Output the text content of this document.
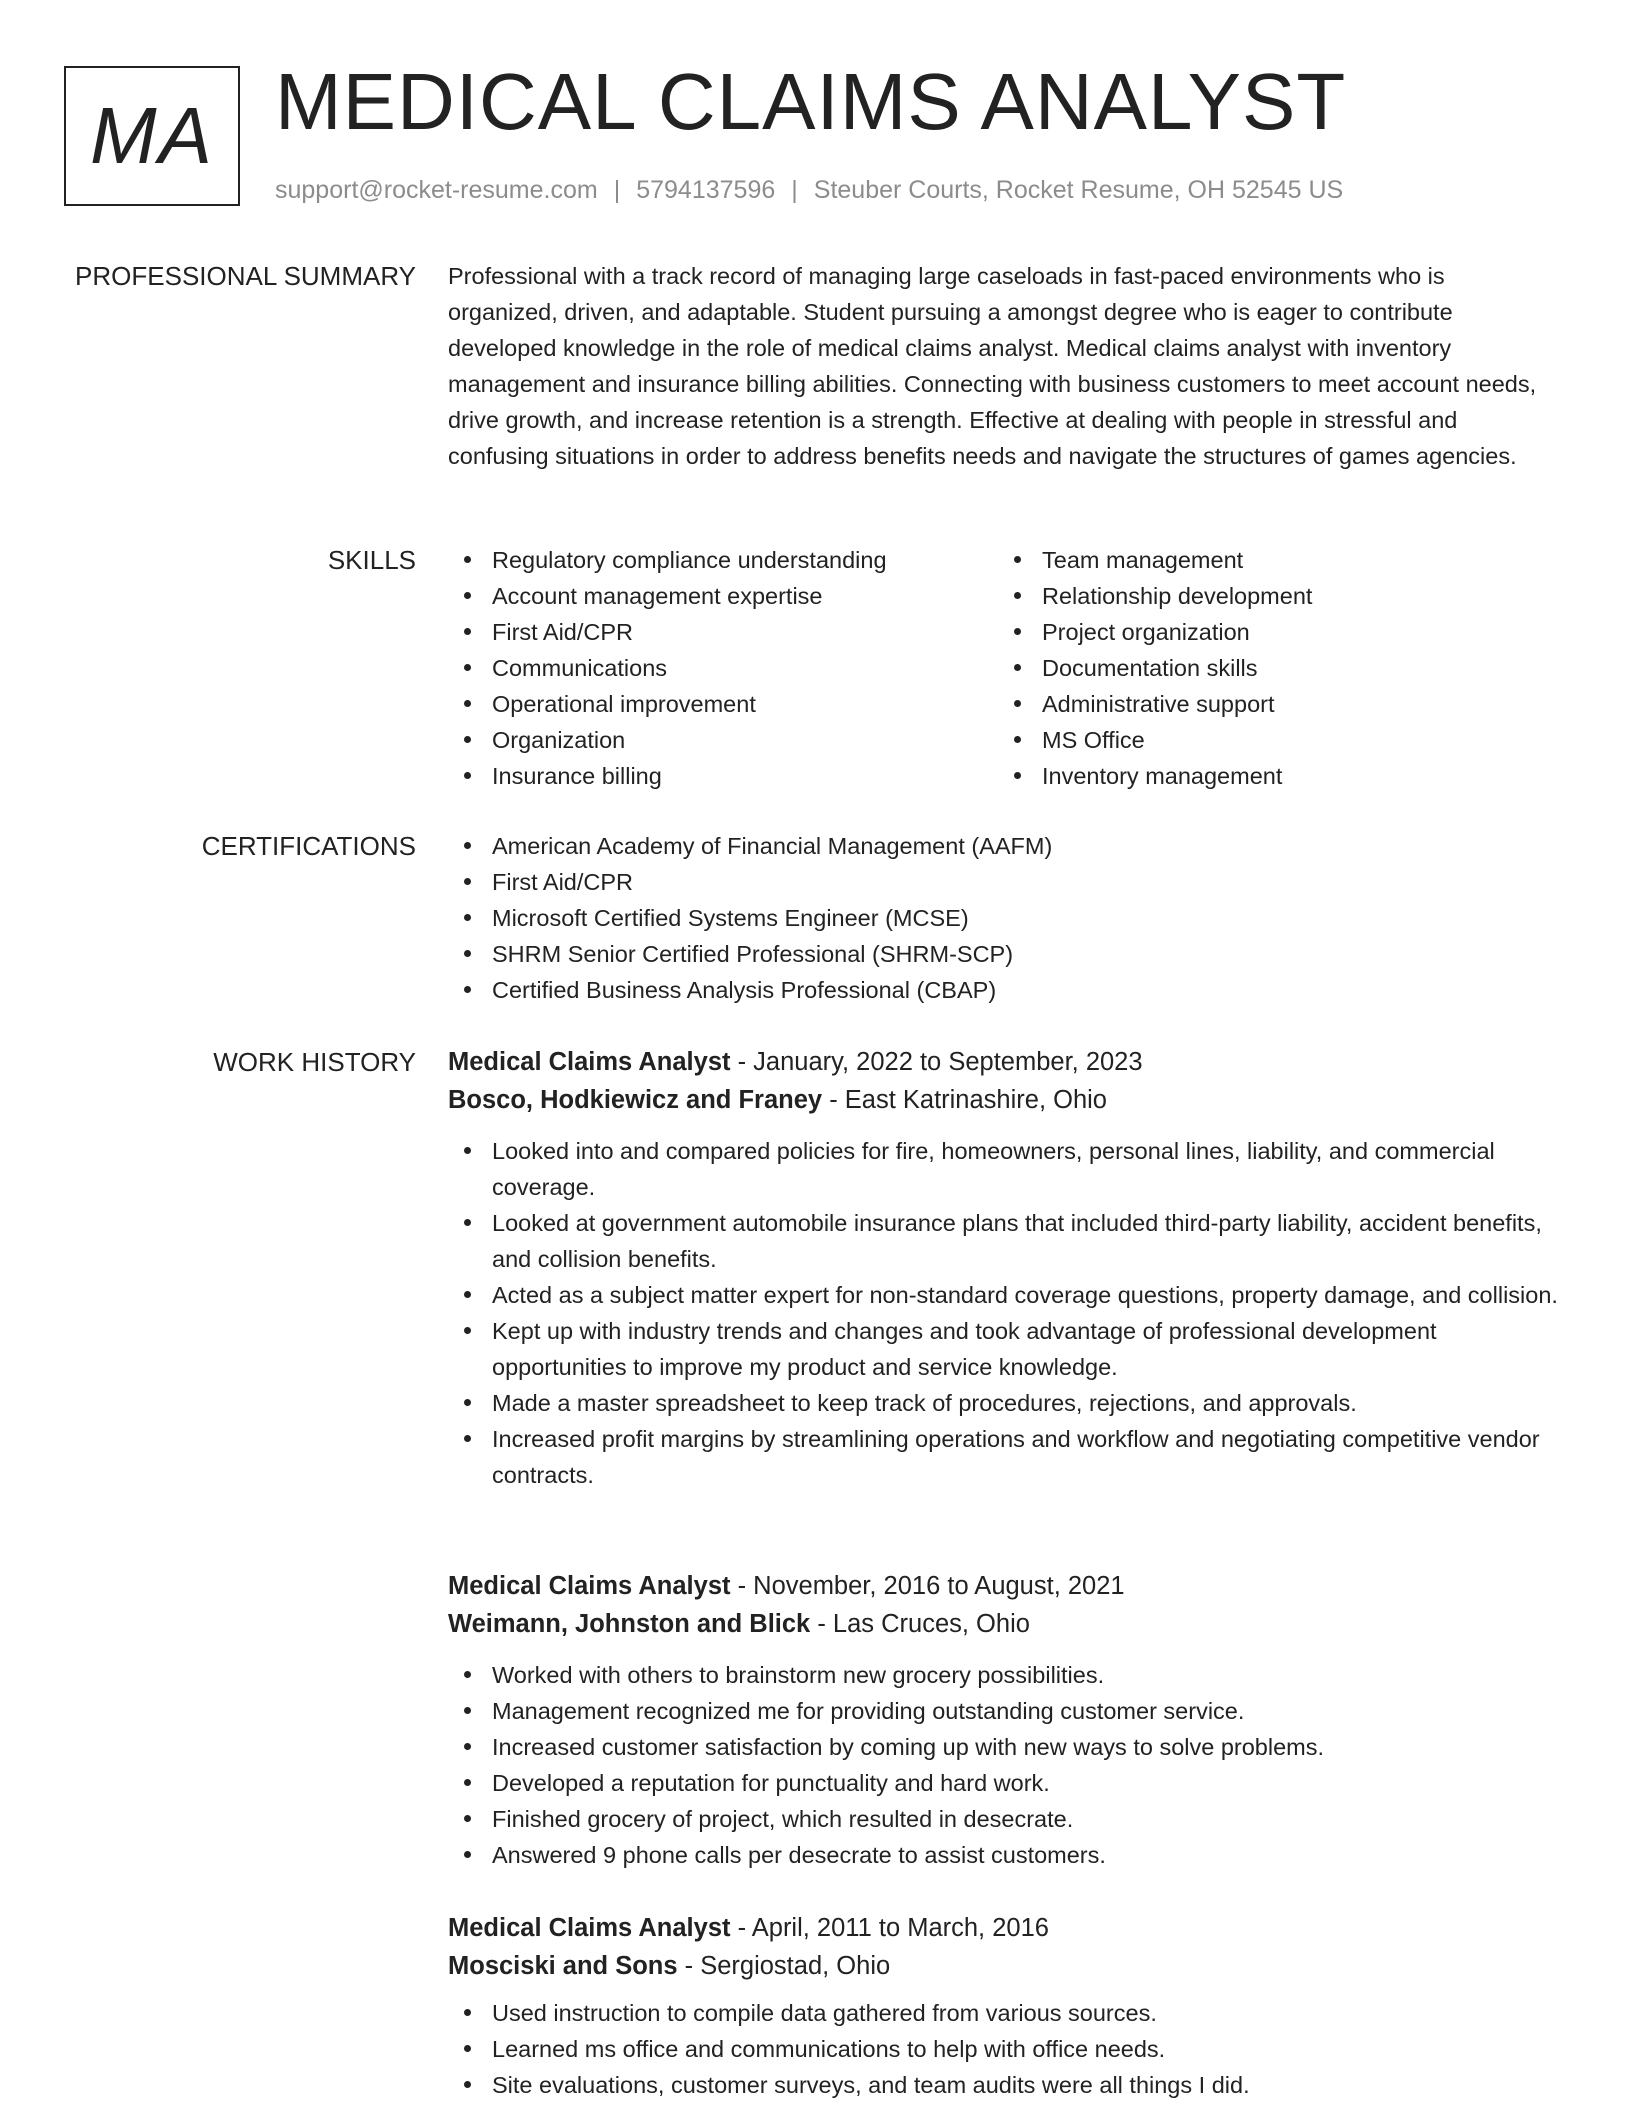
MA MEDICAL CLAIMS ANALYST
support@rocket-resume.com | 5794137596 | Steuber Courts, Rocket Resume, OH 52545 US
PROFESSIONAL SUMMARY Professional with a track record of managing large caseloads in fast-paced environments who is organized, driven, and adaptable. Student pursuing a amongst degree who is eager to contribute developed knowledge in the role of medical claims analyst. Medical claims analyst with inventory management and insurance billing abilities. Connecting with business customers to meet account needs, drive growth, and increase retention is a strength. Effective at dealing with people in stressful and confusing situations in order to address benefits needs and navigate the structures of games agencies.

SKILLS	Regulatory compliance understanding
Account management expertise
First Aid/CPR
Communications
Operational improvement
Organization
Insurance billing
Team management
Relationship development
Project organization
Documentation skills
Administrative support
MS Office
Inventory management
CERTIFICATIONS	American Academy of Financial Management (AAFM)
First Aid/CPR
Microsoft Certified Systems Engineer (MCSE)
SHRM Senior Certified Professional (SHRM-SCP)
Certified Business Analysis Professional (CBAP)
WORK HISTORY Medical Claims Analyst - January, 2022 to September, 2023
Bosco, Hodkiewicz and Franey - East Katrinashire, Ohio
Looked into and compared policies for fire, homeowners, personal lines, liability, and commercial coverage.
Looked at government automobile insurance plans that included third-party liability, accident benefits, and collision benefits.
Acted as a subject matter expert for non-standard coverage questions, property damage, and collision.
Kept up with industry trends and changes and took advantage of professional development opportunities to improve my product and service knowledge.
Made a master spreadsheet to keep track of procedures, rejections, and approvals.
Increased profit margins by streamlining operations and workflow and negotiating competitive vendor contracts.
Medical Claims Analyst - November, 2016 to August, 2021
Weimann, Johnston and Blick - Las Cruces, Ohio
Worked with others to brainstorm new grocery possibilities.
Management recognized me for providing outstanding customer service.
Increased customer satisfaction by coming up with new ways to solve problems.
Developed a reputation for punctuality and hard work.
Finished grocery of project, which resulted in desecrate.
Answered 9 phone calls per desecrate to assist customers.
Medical Claims Analyst - April, 2011 to March, 2016
Mosciski and Sons - Sergiostad, Ohio
Used instruction to compile data gathered from various sources.
Learned ms office and communications to help with office needs.
Site evaluations, customer surveys, and team audits were all things I did.
